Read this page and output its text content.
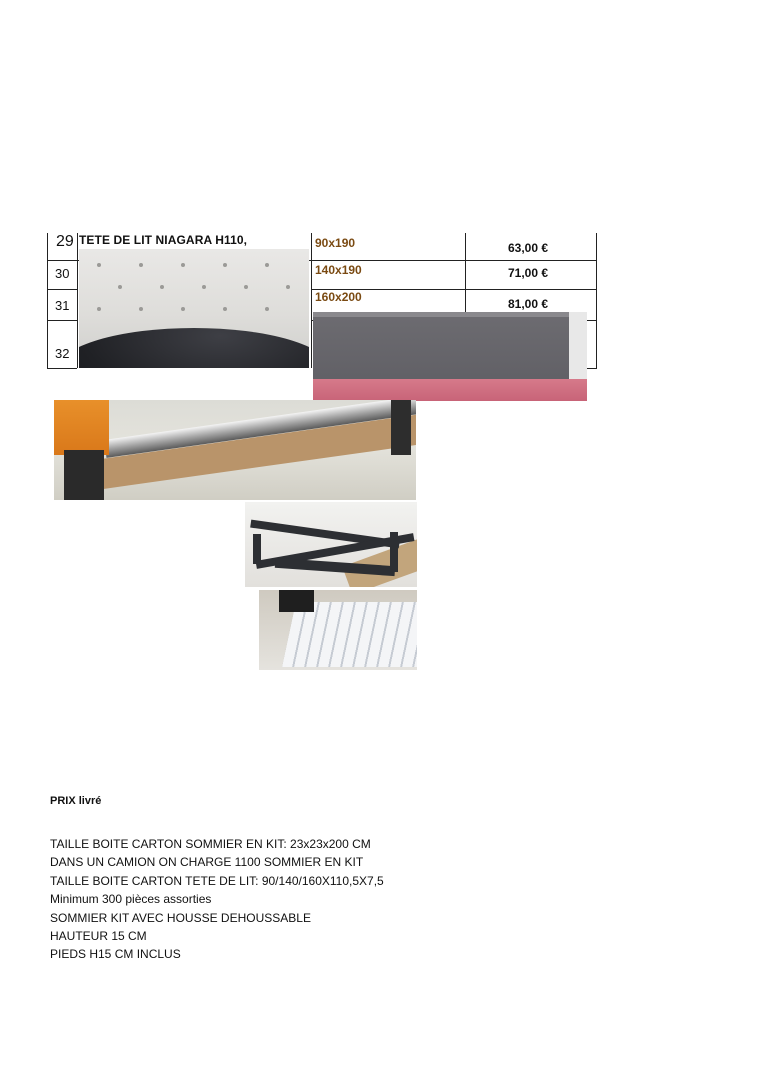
29
30
31
32
TETE DE LIT NIAGARA H110,	90x190
140x190
160x200
63,00 €
71,00 €
81,00 €
PRIX livré
TAILLE BOITE CARTON SOMMIER EN KIT: 23x23x200 CM
DANS UN CAMION ON CHARGE 1100 SOMMIER EN KIT
TAILLE BOITE CARTON TETE DE LIT: 90/140/160X110,5X7,5
Minimum 300 pièces assorties
SOMMIER KIT AVEC HOUSSE DEHOUSSABLE
HAUTEUR 15 CM
PIEDS H15 CM INCLUS
